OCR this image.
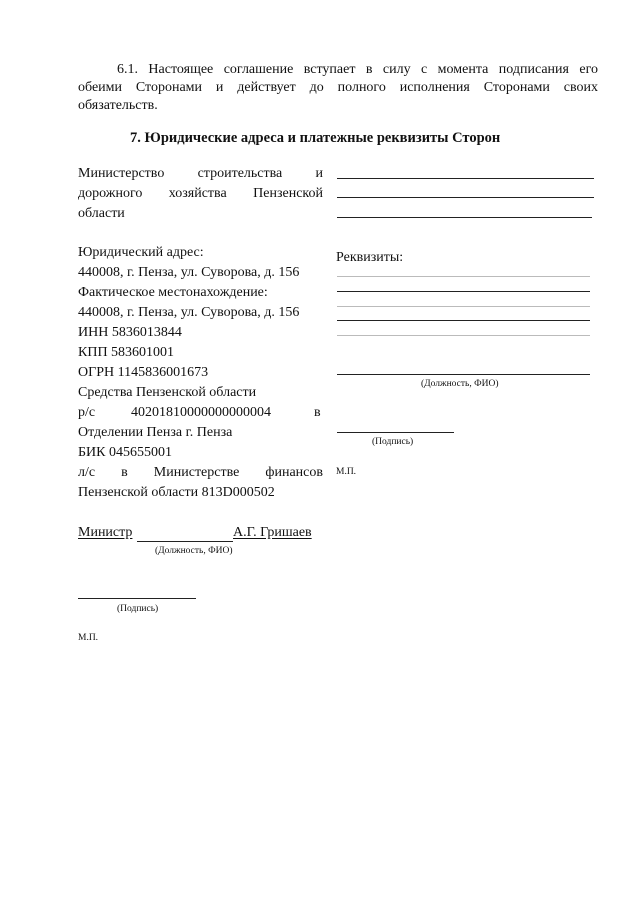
6.1. Настоящее соглашение вступает в силу с момента подписания его
обеими Сторонами и действует до полного исполнения Сторонами своих
обязательств.
7. Юридические адреса и платежные реквизиты Сторон
Министерство строительства и
дорожного хозяйства Пензенской
области
Юридический адрес:
440008, г. Пенза, ул. Суворова, д. 156
Фактическое местонахождение:
440008, г. Пенза, ул. Суворова, д. 156
ИНН 5836013844
КПП 583601001
ОГРН 1145836001673
Средства Пензенской области
р/с	40201810000000000004	в
Отделении Пенза г. Пенза
БИК 045655001
л/с в Министерстве финансов
Пензенской области 813D000502
Министр	А.Г. Гришаев
(Должность, ФИО)
(Подпись)
М.П.
Реквизиты:
(Должность, ФИО)
(Подпись)
М.П.
